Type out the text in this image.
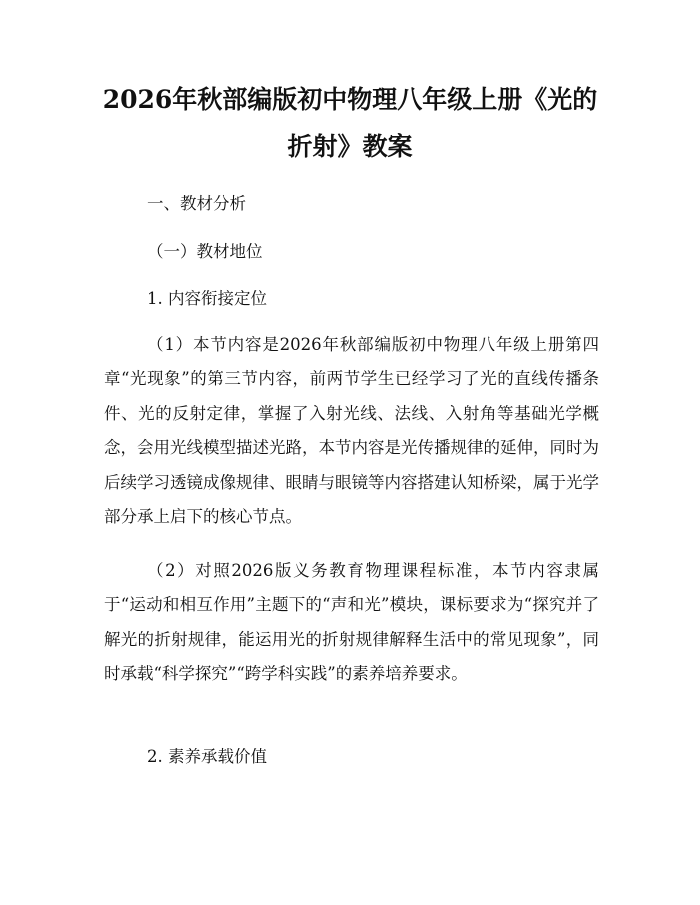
2026年秋部编版初中物理八年级上册《光的
折射》教案
一、教材分析
（一）教材地位
1. 内容衔接定位
（1）本节内容是2026年秋部编版初中物理八年级上册第四章“光现象”的第三节内容，前两节学生已经学习了光的直线传播条件、光的反射定律，掌握了入射光线、法线、入射角等基础光学概念，会用光线模型描述光路，本节内容是光传播规律的延伸，同时为后续学习透镜成像规律、眼睛与眼镜等内容搭建认知桥梁，属于光学部分承上启下的核心节点。
（2）对照2026版义务教育物理课程标准，本节内容隶属于“运动和相互作用”主题下的“声和光”模块，课标要求为“探究并了解光的折射规律，能运用光的折射规律解释生活中的常见现象”，同时承载“科学探究”“跨学科实践”的素养培养要求。
2. 素养承载价值
